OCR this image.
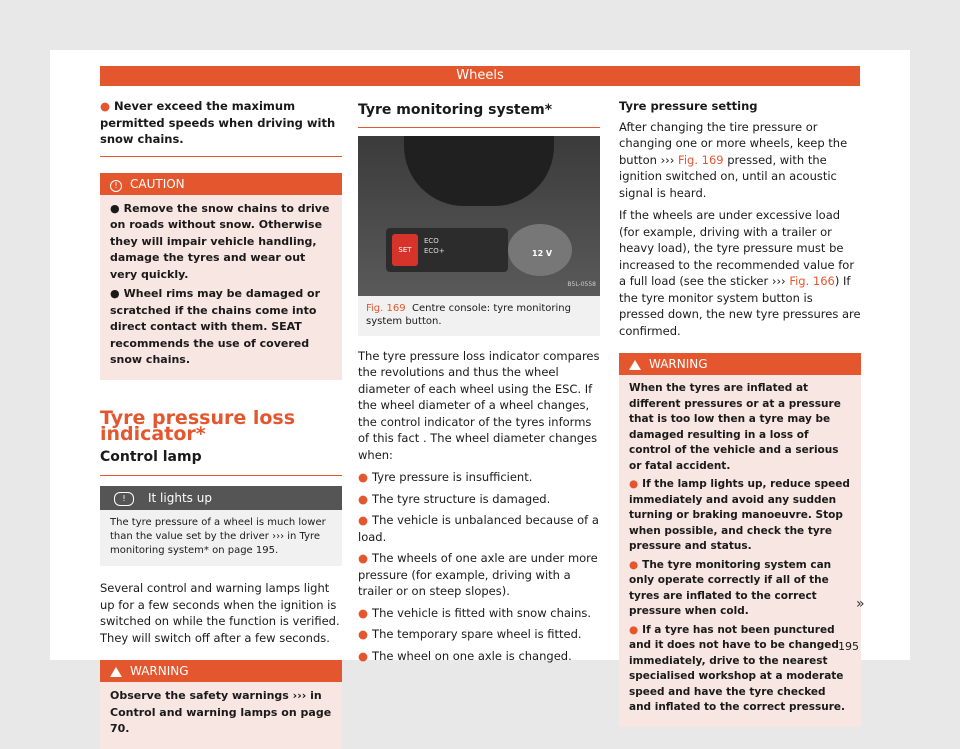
Wheels

● Never exceed the maximum permitted speeds when driving with snow chains.

! CAUTION

● Remove the snow chains to drive on roads without snow. Otherwise they will impair vehicle handling, damage the tyres and wear out very quickly.

● Wheel rims may be damaged or scratched if the chains come into direct contact with them. SEAT recommends the use of covered snow chains.

Tyre pressure loss indicator*
Control lamp
! It lights up
The tyre pressure of a wheel is much lower than the value set by the driver ››› in Tyre monitoring system* on page 195.

Several control and warning lamps light up for a few seconds when the ignition is switched on while the function is verified. They will switch off after a few seconds.

WARNING

Observe the safety warnings ››› in Control and warning lamps on page 70.

Tyre monitoring system*
SET
ECO
ECO+	12 V
B5L-0558
Fig. 169 Centre console: tyre monitoring system button.

The tyre pressure loss indicator compares the revolutions and thus the wheel diameter of each wheel using the ESC. If the wheel diameter of a wheel changes, the control indicator of the tyres informs of this fact . The wheel diameter changes when:

● Tyre pressure is insufficient.
● The tyre structure is damaged.
● The vehicle is unbalanced because of a load.
● The wheels of one axle are under more pressure (for example, driving with a trailer or on steep slopes).
● The vehicle is fitted with snow chains.
● The temporary spare wheel is fitted.
● The wheel on one axle is changed.
Tyre pressure setting

After changing the tire pressure or changing one or more wheels, keep the button ››› Fig. 169 pressed, with the ignition switched on, until an acoustic signal is heard.

If the wheels are under excessive load (for example, driving with a trailer or heavy load), the tyre pressure must be increased to the recommended value for a full load (see the sticker ››› Fig. 166) If the tyre monitor system button is pressed down, the new tyre pressures are confirmed.

WARNING

When the tyres are inflated at different pressures or at a pressure that is too low then a tyre may be damaged resulting in a loss of control of the vehicle and a serious or fatal accident.

● If the lamp lights up, reduce speed immediately and avoid any sudden turning or braking manoeuvre. Stop when possible, and check the tyre pressure and status.

● The tyre monitoring system can only operate correctly if all of the tyres are inflated to the correct pressure when cold.

● If a tyre has not been punctured and it does not have to be changed immediately, drive to the nearest specialised workshop at a moderate speed and have the tyre checked and inflated to the correct pressure.

»
195
